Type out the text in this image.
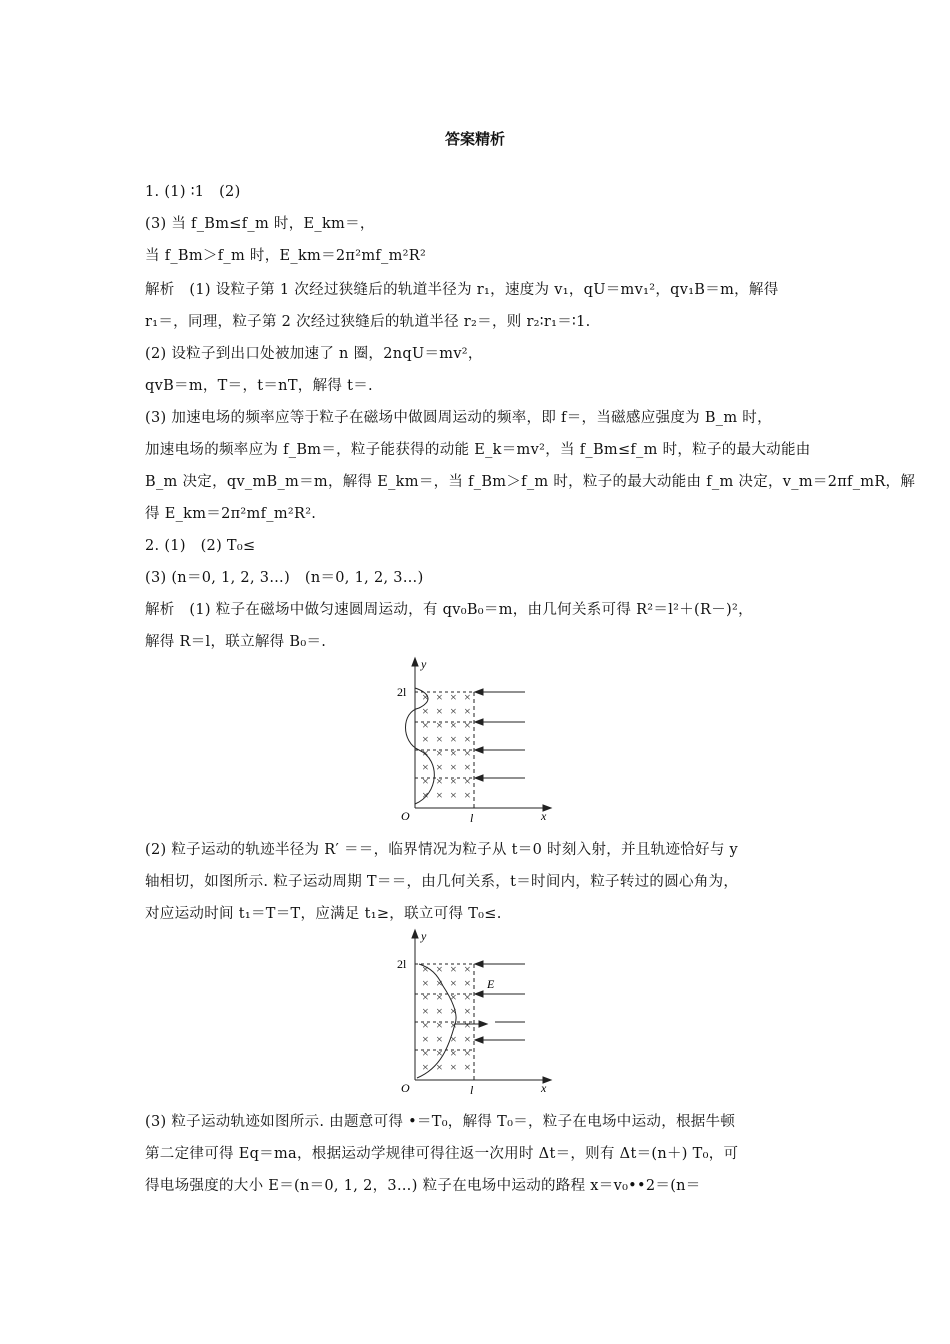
答案精析
1. (1) ∶1　(2)
(3) 当 f_Bm≤f_m 时，E_km＝，
当 f_Bm＞f_m 时，E_km＝2π²mf_m²R²
解析　(1) 设粒子第 1 次经过狭缝后的轨道半径为 r₁，速度为 v₁，qU＝mv₁²，qv₁B＝m，解得
r₁＝，同理，粒子第 2 次经过狭缝后的轨道半径 r₂＝，则 r₂∶r₁＝∶1.
(2) 设粒子到出口处被加速了 n 圈，2nqU＝mv²，
qvB＝m，T＝，t＝nT，解得 t＝.
(3) 加速电场的频率应等于粒子在磁场中做圆周运动的频率，即 f＝，当磁感应强度为 B_m 时，
加速电场的频率应为 f_Bm＝，粒子能获得的动能 E_k＝mv²，当 f_Bm≤f_m 时，粒子的最大动能由
B_m 决定，qv_mB_m＝m，解得 E_km＝，当 f_Bm＞f_m 时，粒子的最大动能由 f_m 决定，v_m＝2πf_mR，解
得 E_km＝2π²mf_m²R².
2. (1)　(2) T₀≤
(3) (n＝0, 1, 2, 3…)　(n＝0, 1, 2, 3…)
解析　(1) 粒子在磁场中做匀速圆周运动，有 qv₀B₀＝m，由几何关系可得 R²＝l²＋(R－)²，
解得 R＝l，联立解得 B₀＝.
× × × ×
× × × ×
× × × ×
× × × ×
× × × ×
× × × ×
× × × ×
× × × ×
y
x
O
2l
l
(2) 粒子运动的轨迹半径为 R′ ＝＝，临界情况为粒子从 t＝0 时刻入射，并且轨迹恰好与 y
轴相切，如图所示. 粒子运动周期 T＝＝，由几何关系，t＝时间内，粒子转过的圆心角为，
对应运动时间 t₁＝T＝T，应满足 t₁≥，联立可得 T₀≤.
× × × ×
× × × ×
× × × ×
× × × ×
× × × ×
× × × ×
× × × ×
× × × ×
y
x
O
2l
l
E
(3) 粒子运动轨迹如图所示. 由题意可得 •＝T₀，解得 T₀＝，粒子在电场中运动，根据牛顿
第二定律可得 Eq＝ma，根据运动学规律可得往返一次用时 Δt＝，则有 Δt＝(n＋) T₀，可
得电场强度的大小 E＝(n＝0, 1, 2，3…) 粒子在电场中运动的路程 x＝v₀••2＝(n＝
